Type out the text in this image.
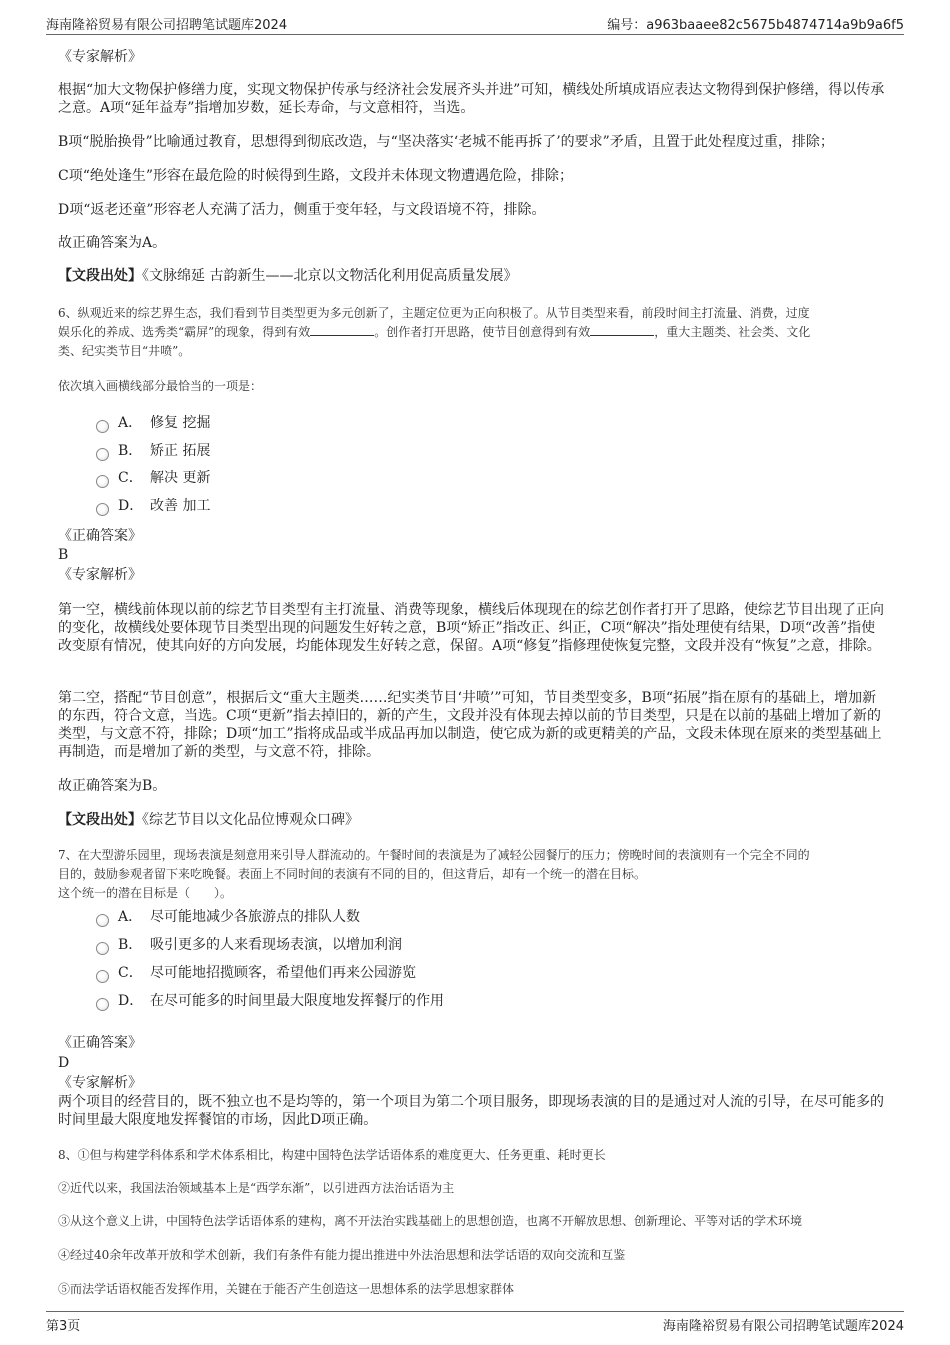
海南隆裕贸易有限公司招聘笔试题库2024	编号：a963baaee82c5675b4874714a9b9a6f5
《专家解析》
根据“加大文物保护修缮力度，实现文物保护传承与经济社会发展齐头并进”可知，横线处所填成语应表达文物得到保护修缮，得以传承之意。A项“延年益寿”指增加岁数，延长寿命，与文意相符，当选。
B项“脱胎换骨”比喻通过教育，思想得到彻底改造，与“坚决落实‘老城不能再拆了’的要求”矛盾，且置于此处程度过重，排除；
C项“绝处逢生”形容在最危险的时候得到生路，文段并未体现文物遭遇危险，排除；
D项“返老还童”形容老人充满了活力，侧重于变年轻，与文段语境不符，排除。
故正确答案为A。
【文段出处】《文脉绵延 古韵新生——北京以文物活化利用促高质量发展》
6、纵观近来的综艺界生态，我们看到节目类型更为多元创新了，主题定位更为正向积极了。从节目类型来看，前段时间主打流量、消费，过度
娱乐化的养成、选秀类“霸屏”的现象，得到有效	。创作者打开思路，使节目创意得到有效	，重大主题类、社会类、文化
类、纪实类节目“井喷”。
依次填入画横线部分最恰当的一项是：
A． 修复 挖掘
B． 矫正 拓展
C． 解决 更新
D． 改善 加工
《正确答案》
B
《专家解析》
第一空，横线前体现以前的综艺节目类型有主打流量、消费等现象，横线后体现现在的综艺创作者打开了思路，使综艺节目出现了正向的变化，故横线处要体现节目类型出现的问题发生好转之意，B项“矫正”指改正、纠正，C项“解决”指处理使有结果，D项“改善”指使改变原有情况，使其向好的方向发展，均能体现发生好转之意，保留。A项“修复”指修理使恢复完整，文段并没有“恢复”之意，排除。
第二空，搭配“节目创意”，根据后文“重大主题类……纪实类节目‘井喷’”可知，节目类型变多，B项“拓展”指在原有的基础上，增加新的东西，符合文意，当选。C项“更新”指去掉旧的，新的产生，文段并没有体现去掉以前的节目类型，只是在以前的基础上增加了新的类型，与文意不符，排除；D项“加工”指将成品或半成品再加以制造，使它成为新的或更精美的产品，文段未体现在原来的类型基础上再制造，而是增加了新的类型，与文意不符，排除。
故正确答案为B。
【文段出处】《综艺节目以文化品位博观众口碑》
7、在大型游乐园里，现场表演是刻意用来引导人群流动的。午餐时间的表演是为了减轻公园餐厅的压力；傍晚时间的表演则有一个完全不同的
目的，鼓励参观者留下来吃晚餐。表面上不同时间的表演有不同的目的，但这背后，却有一个统一的潜在目标。
这个统一的潜在目标是（　　）。
A． 尽可能地减少各旅游点的排队人数
B． 吸引更多的人来看现场表演，以增加利润
C． 尽可能地招揽顾客，希望他们再来公园游览
D． 在尽可能多的时间里最大限度地发挥餐厅的作用
《正确答案》
D
《专家解析》
两个项目的经营目的，既不独立也不是均等的，第一个项目为第二个项目服务，即现场表演的目的是通过对人流的引导，在尽可能多的时间里最大限度地发挥餐馆的市场，因此D项正确。
8、①但与构建学科体系和学术体系相比，构建中国特色法学话语体系的难度更大、任务更重、耗时更长
②近代以来，我国法治领域基本上是“西学东渐”，以引进西方法治话语为主
③从这个意义上讲，中国特色法学话语体系的建构，离不开法治实践基础上的思想创造，也离不开解放思想、创新理论、平等对话的学术环境
④经过40余年改革开放和学术创新，我们有条件有能力提出推进中外法治思想和法学话语的双向交流和互鉴
⑤而法学话语权能否发挥作用，关键在于能否产生创造这一思想体系的法学思想家群体
第3页	海南隆裕贸易有限公司招聘笔试题库2024
